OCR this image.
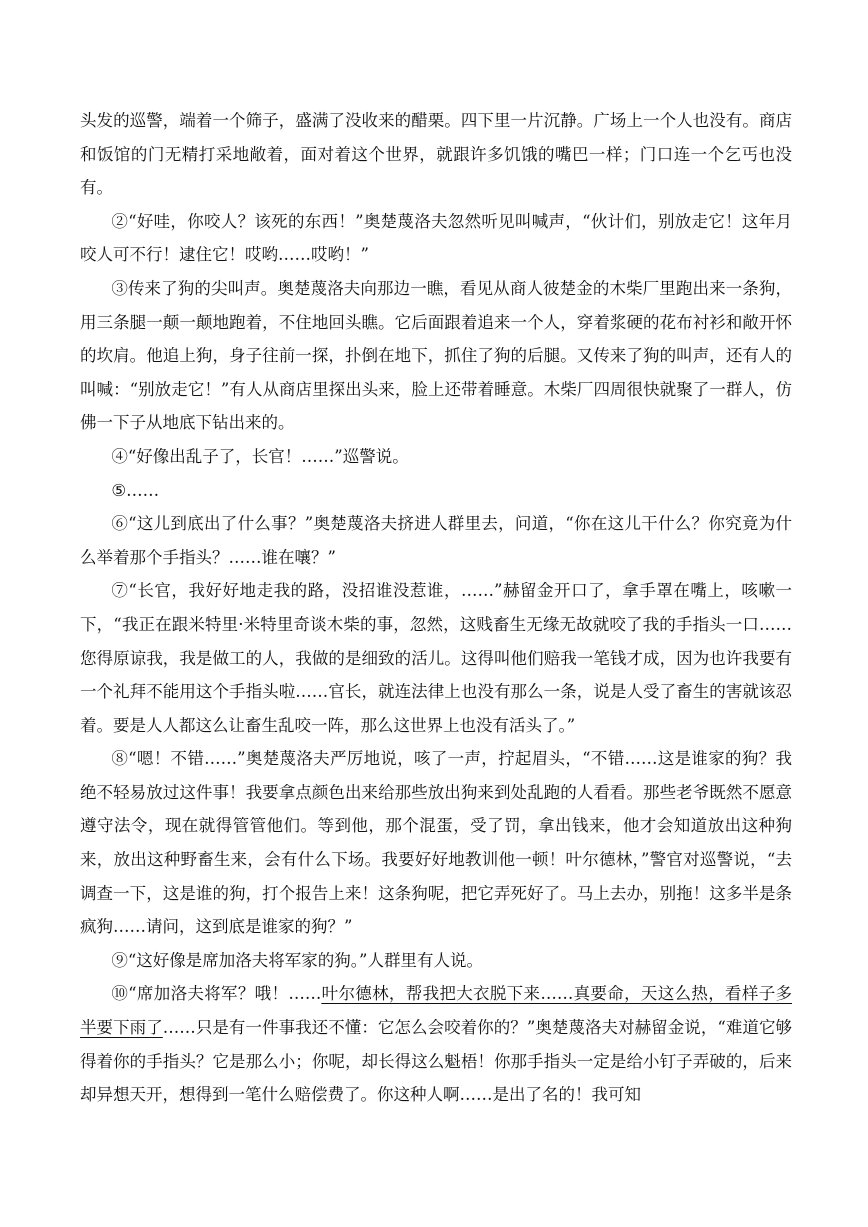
头发的巡警，端着一个筛子，盛满了没收来的醋栗。四下里一片沉静。广场上一个人也没有。商店和饭馆的门无精打采地敞着，面对着这个世界，就跟许多饥饿的嘴巴一样；门口连一个乞丐也没有。

②“好哇，你咬人？该死的东西！”奥楚蔑洛夫忽然听见叫喊声，“伙计们，别放走它！这年月咬人可不行！逮住它！哎哟……哎哟！”

③传来了狗的尖叫声。奥楚蔑洛夫向那边一瞧，看见从商人彼楚金的木柴厂里跑出来一条狗，用三条腿一颠一颠地跑着，不住地回头瞧。它后面跟着追来一个人，穿着浆硬的花布衬衫和敞开怀的坎肩。他追上狗，身子往前一探，扑倒在地下，抓住了狗的后腿。又传来了狗的叫声，还有人的叫喊：“别放走它！”有人从商店里探出头来，脸上还带着睡意。木柴厂四周很快就聚了一群人，仿佛一下子从地底下钻出来的。

④“好像出乱子了，长官！……”巡警说。

⑤……

⑥“这儿到底出了什么事？”奥楚蔑洛夫挤进人群里去，问道，“你在这儿干什么？你究竟为什么举着那个手指头？……谁在嚷？”

⑦“长官，我好好地走我的路，没招谁没惹谁，……”赫留金开口了，拿手罩在嘴上，咳嗽一下，“我正在跟米特里·米特里奇谈木柴的事，忽然，这贱畜生无缘无故就咬了我的手指头一口……您得原谅我，我是做工的人，我做的是细致的活儿。这得叫他们赔我一笔钱才成，因为也许我要有一个礼拜不能用这个手指头啦……官长，就连法律上也没有那么一条，说是人受了畜生的害就该忍着。要是人人都这么让畜生乱咬一阵，那么这世界上也没有活头了。”

⑧“嗯！不错……”奥楚蔑洛夫严厉地说，咳了一声，拧起眉头，“不错……这是谁家的狗？我绝不轻易放过这件事！我要拿点颜色出来给那些放出狗来到处乱跑的人看看。那些老爷既然不愿意遵守法令，现在就得管管他们。等到他，那个混蛋，受了罚，拿出钱来，他才会知道放出这种狗来，放出这种野畜生来，会有什么下场。我要好好地教训他一顿！叶尔德林，”警官对巡警说，“去调查一下，这是谁的狗，打个报告上来！这条狗呢，把它弄死好了。马上去办，别拖！这多半是条疯狗……请问，这到底是谁家的狗？”

⑨“这好像是席加洛夫将军家的狗。”人群里有人说。

⑩“席加洛夫将军？哦！……叶尔德林，帮我把大衣脱下来……真要命，天这么热，看样子多半要下雨了……只是有一件事我还不懂：它怎么会咬着你的？”奥楚蔑洛夫对赫留金说，“难道它够得着你的手指头？它是那么小；你呢，却长得这么魁梧！你那手指头一定是给小钉子弄破的，后来却异想天开，想得到一笔什么赔偿费了。你这种人啊……是出了名的！我可知
